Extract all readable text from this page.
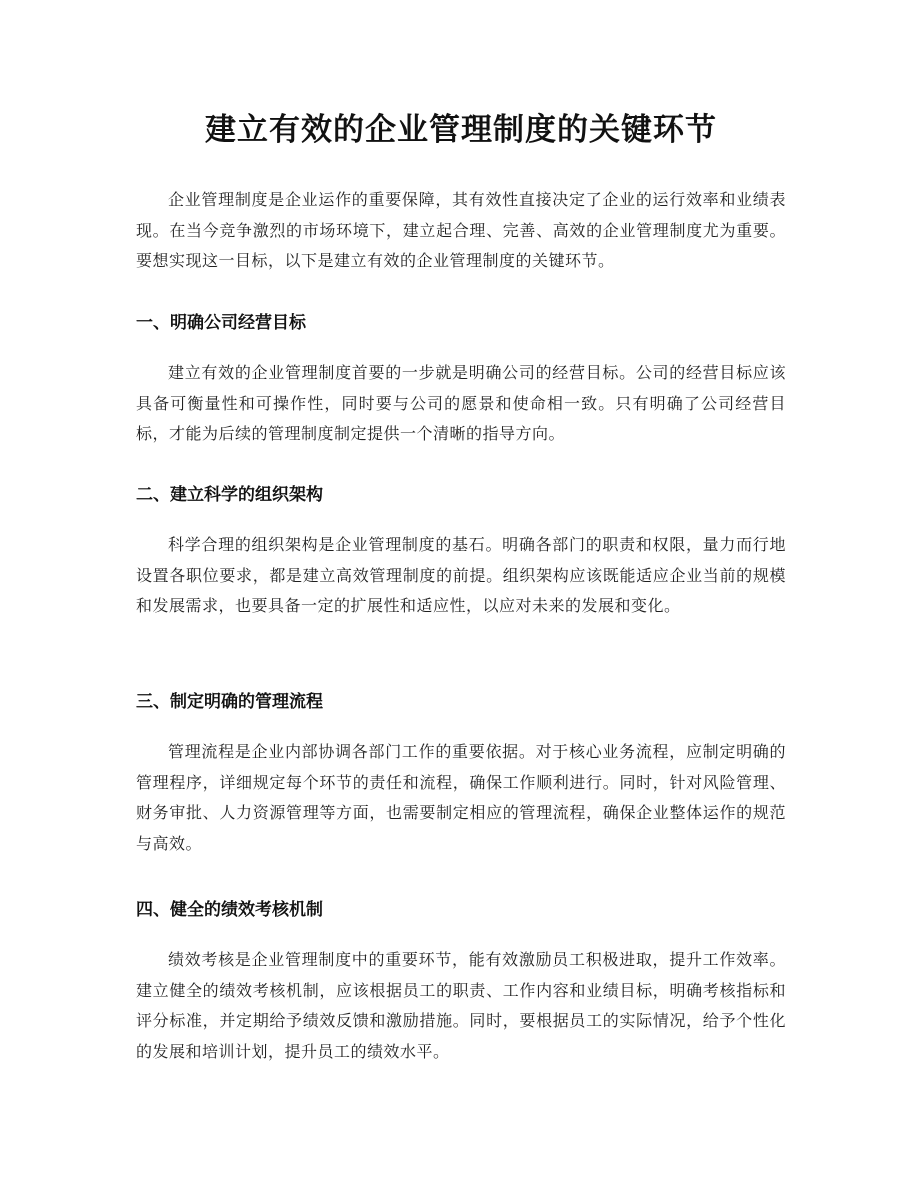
建立有效的企业管理制度的关键环节

企业管理制度是企业运作的重要保障，其有效性直接决定了企业的运行效率和业绩表现。在当今竞争激烈的市场环境下，建立起合理、完善、高效的企业管理制度尤为重要。要想实现这一目标，以下是建立有效的企业管理制度的关键环节。

一、明确公司经营目标

建立有效的企业管理制度首要的一步就是明确公司的经营目标。公司的经营目标应该具备可衡量性和可操作性，同时要与公司的愿景和使命相一致。只有明确了公司经营目标，才能为后续的管理制度制定提供一个清晰的指导方向。

二、建立科学的组织架构

科学合理的组织架构是企业管理制度的基石。明确各部门的职责和权限，量力而行地设置各职位要求，都是建立高效管理制度的前提。组织架构应该既能适应企业当前的规模和发展需求，也要具备一定的扩展性和适应性，以应对未来的发展和变化。

三、制定明确的管理流程

管理流程是企业内部协调各部门工作的重要依据。对于核心业务流程，应制定明确的管理程序，详细规定每个环节的责任和流程，确保工作顺利进行。同时，针对风险管理、财务审批、人力资源管理等方面，也需要制定相应的管理流程，确保企业整体运作的规范与高效。

四、健全的绩效考核机制

绩效考核是企业管理制度中的重要环节，能有效激励员工积极进取，提升工作效率。建立健全的绩效考核机制，应该根据员工的职责、工作内容和业绩目标，明确考核指标和评分标准，并定期给予绩效反馈和激励措施。同时，要根据员工的实际情况，给予个性化的发展和培训计划，提升员工的绩效水平。
